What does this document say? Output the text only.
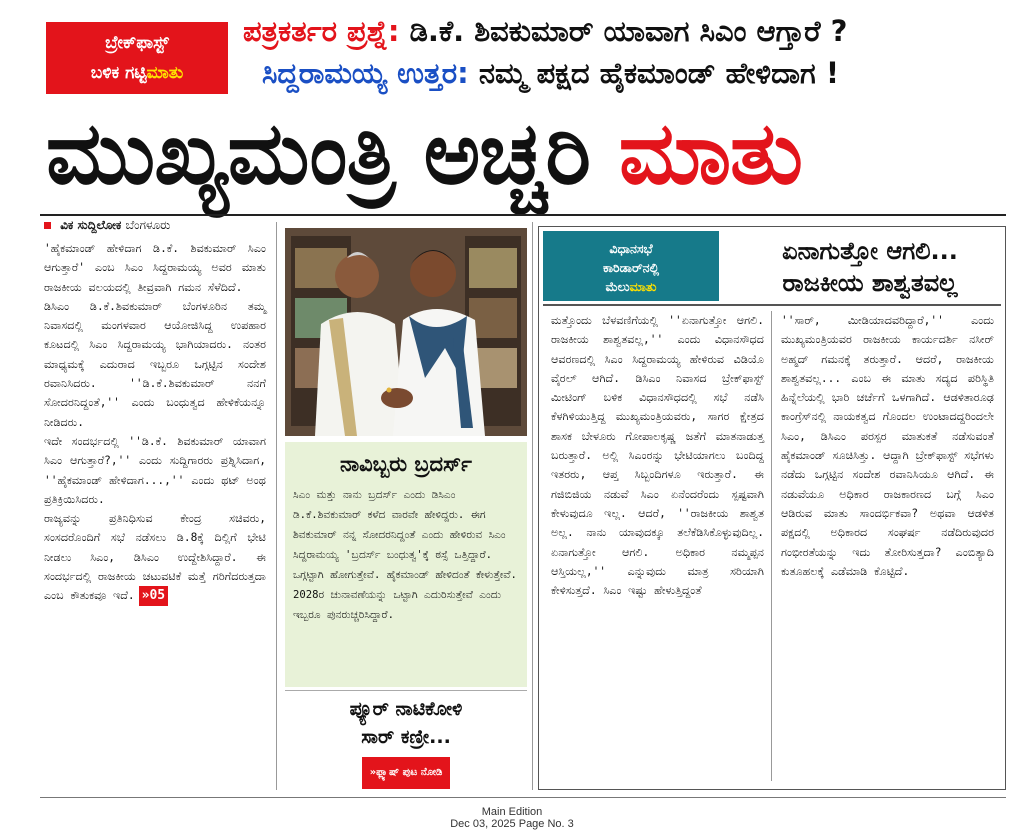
ಬ್ರೇಕ್‌ಫಾಸ್ಟ್
ಬಳಿಕ ಗಟ್ಟಿಮಾತು
ಪತ್ರಕರ್ತರ ಪ್ರಶ್ನೆ: ಡಿ.ಕೆ. ಶಿವಕುಮಾರ್ ಯಾವಾಗ ಸಿಎಂ ಆಗ್ತಾರೆ ?
ಸಿದ್ದರಾಮಯ್ಯ ಉತ್ತರ: ನಮ್ಮ ಪಕ್ಷದ ಹೈಕಮಾಂಡ್ ಹೇಳಿದಾಗ !
ಮುಖ್ಯಮಂತ್ರಿ ಅಚ್ಚರಿ ಮಾತು
ವಿಕ ಸುದ್ದಿಲೋಕ ಬೆಂಗಳೂರು

'ಹೈಕಮಾಂಡ್ ಹೇಳಿದಾಗ ಡಿ.ಕೆ. ಶಿವಕುಮಾರ್ ಸಿಎಂ ಆಗುತ್ತಾರೆ' ಎಂಬ ಸಿಎಂ ಸಿದ್ದರಾಮಯ್ಯ ಅವರ ಮಾತು ರಾಜಕೀಯ ವಲಯದಲ್ಲಿ ತೀವ್ರವಾಗಿ ಗಮನ ಸೆಳೆದಿದೆ.

ಡಿಸಿಎಂ ಡಿ.ಕೆ.ಶಿವಕುಮಾರ್ ಬೆಂಗಳೂರಿನ ತಮ್ಮ ನಿವಾಸದಲ್ಲಿ ಮಂಗಳವಾರ ಆಯೋಜಿಸಿದ್ದ ಉಪಹಾರ ಕೂಟದಲ್ಲಿ ಸಿಎಂ ಸಿದ್ದರಾಮಯ್ಯ ಭಾಗಿಯಾದರು. ನಂತರ ಮಾಧ್ಯಮಕ್ಕೆ ಎದುರಾದ ಇಬ್ಬರೂ ಒಗ್ಗಟ್ಟಿನ ಸಂದೇಶ ರವಾನಿಸಿದರು. ''ಡಿ.ಕೆ.ಶಿವಕುಮಾರ್ ನನಗೆ ಸೋದರನಿದ್ದಂತೆ,'' ಎಂದು ಬಂಧುತ್ವದ ಹೇಳಿಕೆಯನ್ನೂ ನೀಡಿದರು.

ಇದೇ ಸಂದರ್ಭದಲ್ಲಿ ''ಡಿ.ಕೆ. ಶಿವಕುಮಾರ್ ಯಾವಾಗ ಸಿಎಂ ಆಗುತ್ತಾರೆ?,'' ಎಂದು ಸುದ್ದಿಗಾರರು ಪ್ರಶ್ನಿಸಿದಾಗ, ''ಹೈಕಮಾಂಡ್ ಹೇಳಿದಾಗ...,'' ಎಂದು ಥಟ್ ಅಂಥ ಪ್ರತಿಕ್ರಿಯಿಸಿದರು.

ರಾಜ್ಯವನ್ನು ಪ್ರತಿನಿಧಿಸುವ ಕೇಂದ್ರ ಸಚಿವರು, ಸಂಸದರೊಂದಿಗೆ ಸಭೆ ನಡೆಸಲು ಡಿ.8ಕ್ಕೆ ದಿಲ್ಲಿಗೆ ಭೇಟಿ ನೀಡಲು ಸಿಎಂ, ಡಿಸಿಎಂ ಉದ್ದೇಶಿಸಿದ್ದಾರೆ. ಈ ಸಂದರ್ಭದಲ್ಲಿ ರಾಜಕೀಯ ಚಟುವಟಿಕೆ ಮತ್ತೆ ಗರಿಗೆದರುತ್ತದಾ ಎಂಬ ಕೌತುಕವೂ ಇದೆ. »05

ನಾವಿಬ್ಬರು ಬ್ರದರ್ಸ್
ಸಿಎಂ ಮತ್ತು ನಾನು ಬ್ರದರ್ಸ್ ಎಂದು ಡಿಸಿಎಂ ಡಿ.ಕೆ.ಶಿವಕುಮಾರ್ ಕಳೆದ ವಾರವೇ ಹೇಳಿದ್ದರು. ಈಗ ಶಿವಕುಮಾರ್ ನನ್ನ ಸೋದರನಿದ್ದಂತೆ ಎಂದು ಹೇಳಿರುವ ಸಿಎಂ ಸಿದ್ದರಾಮಯ್ಯ 'ಬ್ರದರ್ಸ್ ಬಂಧುತ್ವ'ಕ್ಕೆ ಠಸ್ಸೆ ಒತ್ತಿದ್ದಾರೆ. ಒಗ್ಗಟ್ಟಾಗಿ ಹೋಗುತ್ತೇವೆ. ಹೈಕಮಾಂಡ್ ಹೇಳಿದಂತೆ ಕೇಳುತ್ತೇವೆ. 2028ರ ಚುನಾವಣೆಯನ್ನು ಒಟ್ಟಾಗಿ ಎದುರಿಸುತ್ತೇವೆ ಎಂದು ಇಬ್ಬರೂ ಪುನರುಚ್ಚರಿಸಿದ್ದಾರೆ.
ಪ್ಯೂರ್ ನಾಟಿಕೋಳಿ
ಸಾರ್ ಕಣ್ರೀ...
»ಫ್ಲ್ಯಾಷ್ ಪುಟ ನೋಡಿ
ವಿಧಾನಸಭೆ
ಕಾರಿಡಾರ್‌ನಲ್ಲಿ
ಮೆಲುಮಾತು
ಏನಾಗುತ್ತೋ ಆಗಲಿ...
ರಾಜಕೀಯ ಶಾಶ್ವತವಲ್ಲ
ಮತ್ತೊಂದು ಬೆಳವಣಿಗೆಯಲ್ಲಿ ''ಏನಾಗುತ್ತೋ ಆಗಲಿ. ರಾಜಕೀಯ ಶಾಶ್ವತವಲ್ಲ,'' ಎಂದು ವಿಧಾನಸೌಧದ ಆವರಣದಲ್ಲಿ ಸಿಎಂ ಸಿದ್ದರಾಮಯ್ಯ ಹೇಳಿರುವ ವಿಡಿಯೊ ವೈರಲ್ ಆಗಿದೆ. ಡಿಸಿಎಂ ನಿವಾಸದ ಬ್ರೇಕ್‌ಫಾಸ್ಟ್ ಮೀಟಿಂಗ್ ಬಳಿಕ ವಿಧಾನಸೌಧದಲ್ಲಿ ಸಭೆ ನಡೆಸಿ ಕೆಳಗಿಳಿಯುತ್ತಿದ್ದ ಮುಖ್ಯಮಂತ್ರಿಯವರು, ಸಾಗರ ಕ್ಷೇತ್ರದ ಶಾಸಕ ಬೇಳೂರು ಗೋಪಾಲಕೃಷ್ಣ ಜತೆಗೆ ಮಾತನಾಡುತ್ತ ಬರುತ್ತಾರೆ. ಅಲ್ಲಿ ಸಿಎಂರನ್ನು ಭೇಟಿಯಾಗಲು ಬಂದಿದ್ದ ಇತರರು, ಆಪ್ತ ಸಿಬ್ಬಂದಿಗಳೂ ಇರುತ್ತಾರೆ. ಈ ಗಜಿಬಿಜಿಯ ನಡುವೆ ಸಿಎಂ ಏನೆಂದರೆಂದು ಸ್ಪಷ್ಟವಾಗಿ ಕೇಳುವುದೂ ಇಲ್ಲ. ಆದರೆ, ''ರಾಜಕೀಯ ಶಾಶ್ವತ ಅಲ್ಲ. ನಾನು ಯಾವುದಕ್ಕೂ ತಲೆಕೆಡಿಸಿಕೊಳ್ಳುವುದಿಲ್ಲ. ಏನಾಗುತ್ತೋ ಆಗಲಿ. ಅಧಿಕಾರ ನಮ್ಮಪ್ಪನ ಆಸ್ತಿಯಲ್ಲ,'' ಎನ್ನುವುದು ಮಾತ್ರ ಸರಿಯಾಗಿ ಕೇಳಿಸುತ್ತದೆ. ಸಿಎಂ ಇಷ್ಟು ಹೇಳುತ್ತಿದ್ದಂತೆ
''ಸಾರ್, ಮೀಡಿಯಾದವರಿದ್ದಾರೆ,'' ಎಂದು ಮುಖ್ಯಮಂತ್ರಿಯವರ ರಾಜಕೀಯ ಕಾರ್ಯದರ್ಶಿ ನಸೀರ್ ಅಹ್ಮದ್ ಗಮನಕ್ಕೆ ತರುತ್ತಾರೆ. ಆದರೆ, ರಾಜಕೀಯ ಶಾಶ್ವತವಲ್ಲ... ಎಂಬ ಈ ಮಾತು ಸದ್ಯದ ಪರಿಸ್ಥಿತಿ ಹಿನ್ನೆಲೆಯಲ್ಲಿ ಭಾರಿ ಚರ್ಚೆಗೆ ಒಳಗಾಗಿದೆ. ಆಡಳಿತಾರೂಢ ಕಾಂಗ್ರೆಸ್‌ನಲ್ಲಿ ನಾಯಕತ್ವದ ಗೊಂದಲ ಉಂಟಾದದ್ದರಿಂದಲೇ ಸಿಎಂ, ಡಿಸಿಎಂ ಪರಸ್ಪರ ಮಾತುಕತೆ ನಡೆಸುವಂತೆ ಹೈಕಮಾಂಡ್ ಸೂಚಿಸಿತ್ತು. ಆದ್ದಾಗಿ ಬ್ರೇಕ್‌ಫಾಸ್ಟ್ ಸಭೆಗಳು ನಡೆದು ಒಗ್ಗಟ್ಟಿನ ಸಂದೇಶ ರವಾನಿಸಿಯೂ ಆಗಿದೆ. ಈ ನಡುವೆಯೂ ಅಧಿಕಾರ ರಾಜಕಾರಣದ ಬಗ್ಗೆ ಸಿಎಂ ಆಡಿರುವ ಮಾತು ಸಾಂದರ್ಭಿಕವಾ? ಅಥವಾ ಆಡಳಿತ ಪಕ್ಷದಲ್ಲಿ ಅಧಿಕಾರದ ಸಂಘರ್ಷ ನಡೆದಿರುವುದರ ಗಂಭೀರತೆಯನ್ನು ಇದು ತೋರಿಸುತ್ತದಾ? ಎಂಬಿತ್ಯಾದಿ ಕುತೂಹಲಕ್ಕೆ ಎಡೆಮಾಡಿ ಕೊಟ್ಟಿದೆ.
Main Edition
Dec 03, 2025 Page No. 3
